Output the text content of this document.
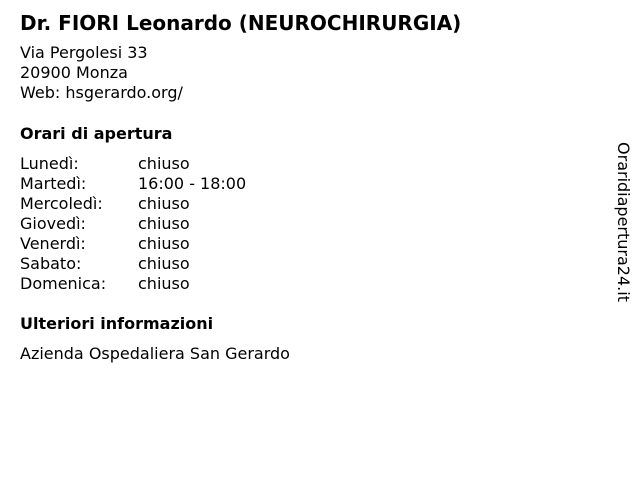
Dr. FIORI Leonardo (NEUROCHIRURGIA)
Via Pergolesi 33
20900 Monza
Web: hsgerardo.org/
Orari di apertura
Lunedì:	chiuso
Martedì:	16:00 - 18:00
Mercoledì:	chiuso
Giovedì:	chiuso
Venerdì:	chiuso
Sabato:	chiuso
Domenica:	chiuso
Ulteriori informazioni
Azienda Ospedaliera San Gerardo
Oraridiapertura24.it
